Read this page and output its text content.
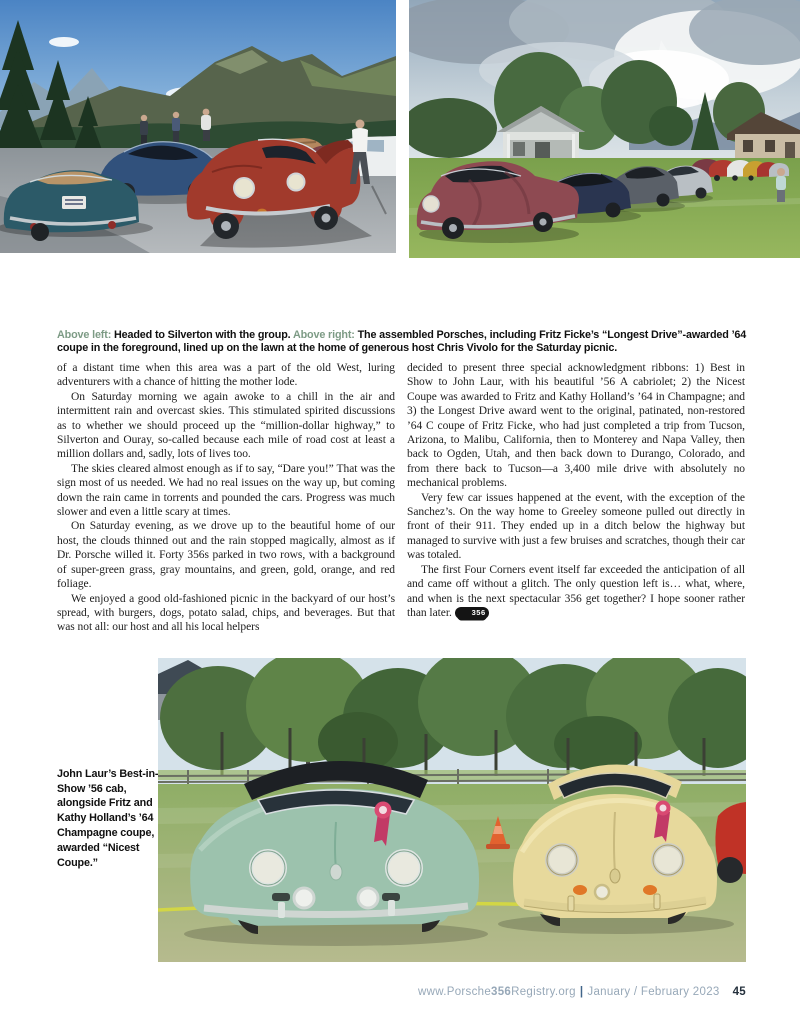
Above left: Headed to Silverton with the group. Above right: The assembled Porsches, including Fritz Ficke’s “Longest Drive”-awarded ’64 coupe in the foreground, lined up on the lawn at the home of generous host Chris Vivolo for the Saturday picnic.

of a distant time when this area was a part of the old West, luring adventurers with a chance of hitting the mother lode.

On Saturday morning we again awoke to a chill in the air and intermittent rain and overcast skies. This stimulated spirited discussions as to whether we should proceed up the “million-dollar highway,” to Silverton and Ouray, so-called because each mile of road cost at least a million dollars and, sadly, lots of lives too.

The skies cleared almost enough as if to say, “Dare you!” That was the sign most of us needed. We had no real issues on the way up, but coming down the rain came in torrents and pounded the cars. Progress was much slower and even a little scary at times.

On Saturday evening, as we drove up to the beautiful home of our host, the clouds thinned out and the rain stopped magically, almost as if Dr. Porsche willed it. Forty 356s parked in two rows, with a background of super-green grass, gray mountains, and green, gold, orange, and red foliage.

We enjoyed a good old-fashioned picnic in the backyard of our host’s spread, with burgers, dogs, potato salad, chips, and beverages. But that was not all: our host and all his local helpers

decided to present three special acknowledgment ribbons: 1) Best in Show to John Laur, with his beautiful ’56 A cabriolet; 2) the Nicest Coupe was awarded to Fritz and Kathy Holland’s ’64 in Champagne; and 3) the Longest Drive award went to the original, patinated, non-restored ’64 C coupe of Fritz Ficke, who had just completed a trip from Tucson, Arizona, to Malibu, California, then to Monterey and Napa Valley, then back to Ogden, Utah, and then back down to Durango, Colorado, and from there back to Tucson—a 3,400 mile drive with absolutely no mechanical problems.

Very few car issues happened at the event, with the exception of the Sanchez’s. On the way home to Greeley someone pulled out directly in front of their 911. They ended up in a ditch below the highway but managed to survive with just a few bruises and scratches, though their car was totaled.

The first Four Corners event itself far exceeded the anticipation of all and came off without a glitch. The only question left is… what, where, and when is the next spectacular 356 get together? I hope sooner rather than later.	356

John Laur’s Best-in-Show ’56 cab, alongside Fritz and Kathy Holland’s ’64 Champagne coupe, awarded “Nicest Coupe.”

www.Porsche356Registry.org | January / February 2023 45
